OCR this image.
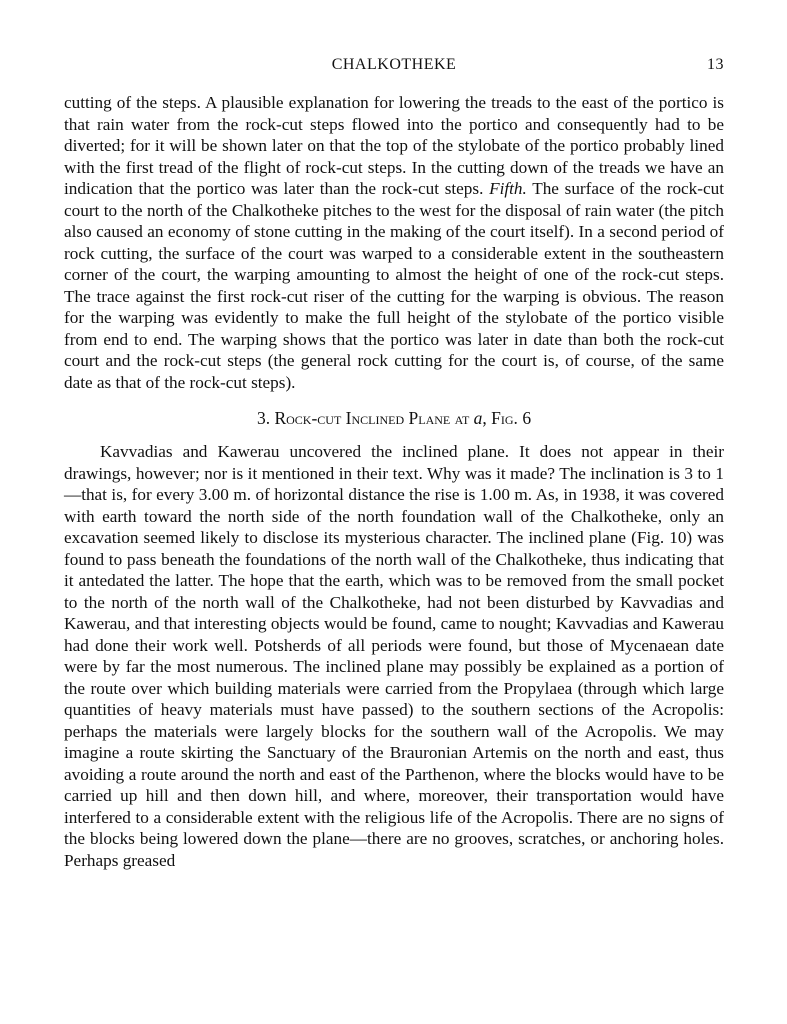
CHALKOTHEKE	13

cutting of the steps. A plausible explanation for lowering the treads to the east of the portico is that rain water from the rock-cut steps flowed into the portico and consequently had to be diverted; for it will be shown later on that the top of the stylobate of the portico probably lined with the first tread of the flight of rock-cut steps. In the cutting down of the treads we have an indication that the portico was later than the rock-cut steps. Fifth. The surface of the rock-cut court to the north of the Chalkotheke pitches to the west for the disposal of rain water (the pitch also caused an economy of stone cutting in the making of the court itself). In a second period of rock cutting, the surface of the court was warped to a considerable extent in the southeastern corner of the court, the warping amounting to almost the height of one of the rock-cut steps. The trace against the first rock-cut riser of the cutting for the warping is obvious. The reason for the warping was evidently to make the full height of the stylobate of the portico visible from end to end. The warping shows that the portico was later in date than both the rock-cut court and the rock-cut steps (the general rock cutting for the court is, of course, of the same date as that of the rock-cut steps).

3. Rock-cut Inclined Plane at a, Fig. 6

Kavvadias and Kawerau uncovered the inclined plane. It does not appear in their drawings, however; nor is it mentioned in their text. Why was it made? The inclination is 3 to 1—that is, for every 3.00 m. of horizontal distance the rise is 1.00 m. As, in 1938, it was covered with earth toward the north side of the north foundation wall of the Chalkotheke, only an excavation seemed likely to disclose its mysterious character. The inclined plane (Fig. 10) was found to pass beneath the foundations of the north wall of the Chalkotheke, thus indicating that it antedated the latter. The hope that the earth, which was to be removed from the small pocket to the north of the north wall of the Chalkotheke, had not been disturbed by Kavvadias and Kawerau, and that interesting objects would be found, came to nought; Kavvadias and Kawerau had done their work well. Potsherds of all periods were found, but those of Mycenaean date were by far the most numerous. The inclined plane may possibly be explained as a portion of the route over which building materials were carried from the Propylaea (through which large quantities of heavy materials must have passed) to the southern sections of the Acropolis: perhaps the materials were largely blocks for the southern wall of the Acropolis. We may imagine a route skirting the Sanctuary of the Brauronian Artemis on the north and east, thus avoiding a route around the north and east of the Parthenon, where the blocks would have to be carried up hill and then down hill, and where, moreover, their transportation would have interfered to a considerable extent with the religious life of the Acropolis. There are no signs of the blocks being lowered down the plane—there are no grooves, scratches, or anchoring holes. Perhaps greased
